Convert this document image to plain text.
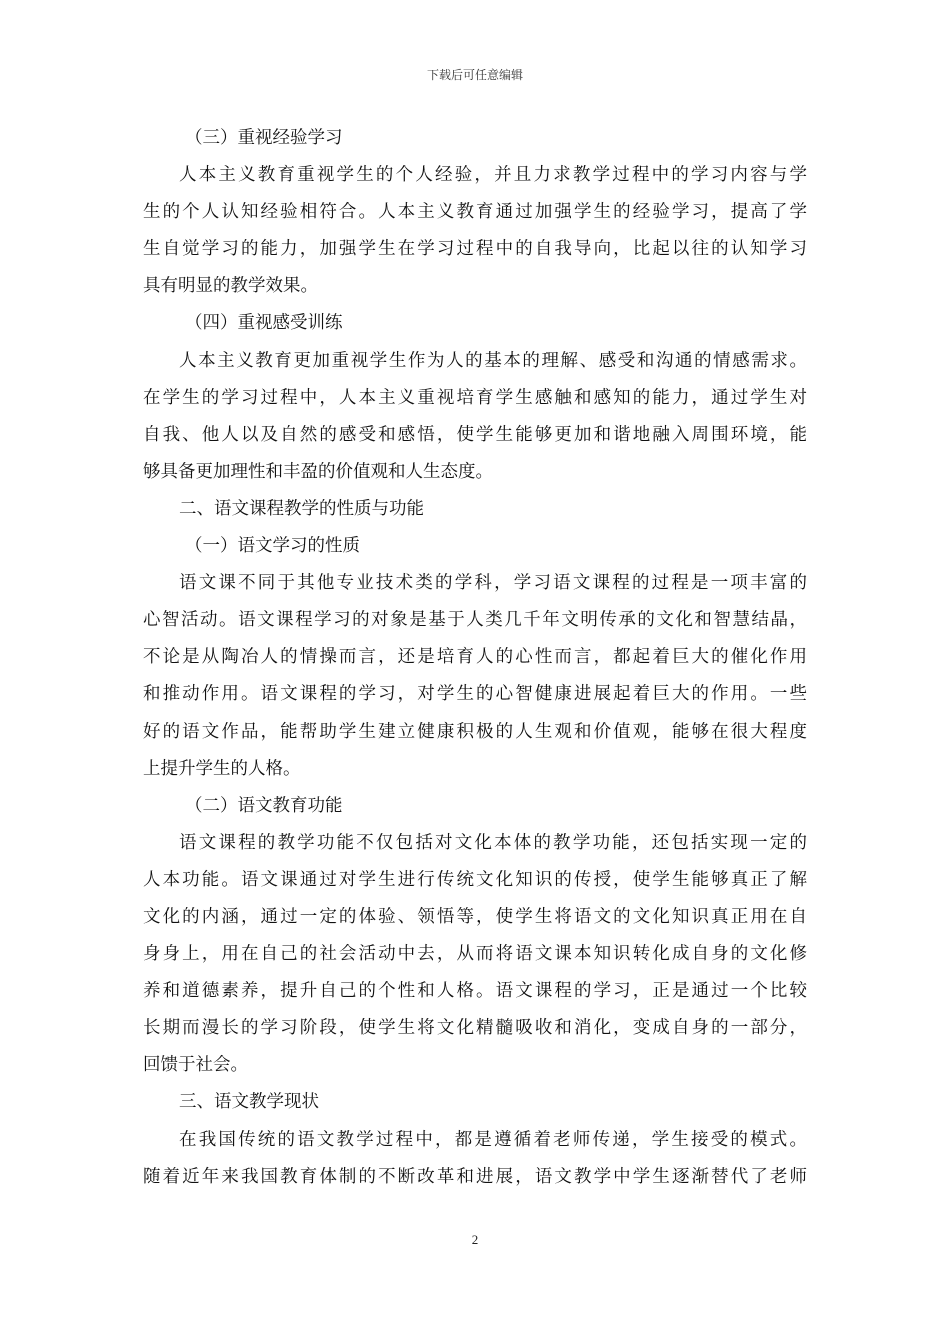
下载后可任意编辑
（三）重视经验学习
人本主义教育重视学生的个人经验，并且力求教学过程中的学习内容与学
生的个人认知经验相符合。人本主义教育通过加强学生的经验学习，提高了学
生自觉学习的能力，加强学生在学习过程中的自我导向，比起以往的认知学习
具有明显的教学效果。
（四）重视感受训练
人本主义教育更加重视学生作为人的基本的理解、感受和沟通的情感需求。
在学生的学习过程中，人本主义重视培育学生感触和感知的能力，通过学生对
自我、他人以及自然的感受和感悟，使学生能够更加和谐地融入周围环境，能
够具备更加理性和丰盈的价值观和人生态度。
二、语文课程教学的性质与功能
（一）语文学习的性质
语文课不同于其他专业技术类的学科，学习语文课程的过程是一项丰富的
心智活动。语文课程学习的对象是基于人类几千年文明传承的文化和智慧结晶，
不论是从陶冶人的情操而言，还是培育人的心性而言，都起着巨大的催化作用
和推动作用。语文课程的学习，对学生的心智健康进展起着巨大的作用。一些
好的语文作品，能帮助学生建立健康积极的人生观和价值观，能够在很大程度
上提升学生的人格。
（二）语文教育功能
语文课程的教学功能不仅包括对文化本体的教学功能，还包括实现一定的
人本功能。语文课通过对学生进行传统文化知识的传授，使学生能够真正了解
文化的内涵，通过一定的体验、领悟等，使学生将语文的文化知识真正用在自
身身上，用在自己的社会活动中去，从而将语文课本知识转化成自身的文化修
养和道德素养，提升自己的个性和人格。语文课程的学习，正是通过一个比较
长期而漫长的学习阶段，使学生将文化精髓吸收和消化，变成自身的一部分，
回馈于社会。
三、语文教学现状
在我国传统的语文教学过程中，都是遵循着老师传递，学生接受的模式。
随着近年来我国教育体制的不断改革和进展，语文教学中学生逐渐替代了老师
2
